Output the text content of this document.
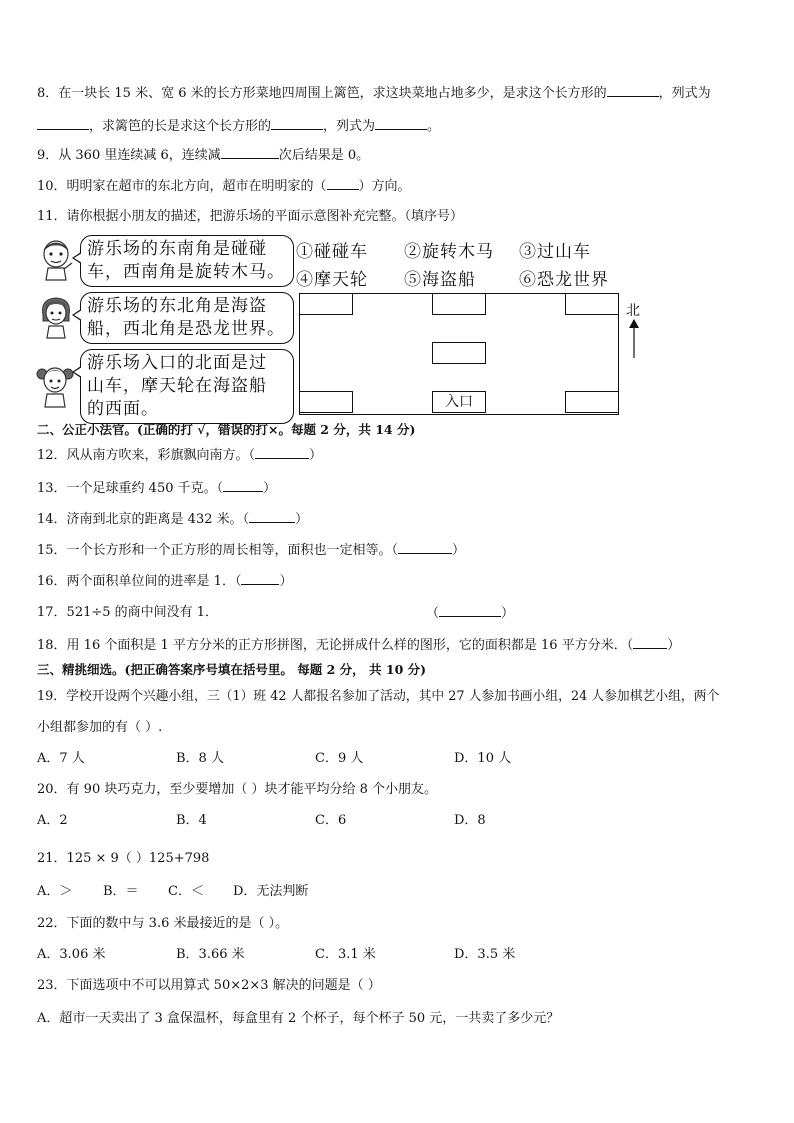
8．在一块长 15 米、宽 6 米的长方形菜地四周围上篱笆，求这块菜地占地多少，是求这个长方形的	，列式为
，求篱笆的长是求这个长方形的	，列式为	。
9．从 360 里连续减 6，连续减	次后结果是 0。
10．明明家在超市的东北方向，超市在明明家的（ ）方向。
11．请你根据小朋友的描述，把游乐场的平面示意图补充完整。（填序号）
游乐场的东南角是碰碰
车，西南角是旋转木马。
游乐场的东北角是海盗
船，西北角是恐龙世界。
游乐场入口的北面是过
山车，摩天轮在海盗船
的西面。
①碰碰车 ②旋转木马 ③过山车
④摩天轮 ⑤海盗船	⑥恐龙世界
入口
北
二、公正小法官。(正确的打 √，错误的打×。每题 2 分，共 14 分)
12．风从南方吹来，彩旗飘向南方。（	）
13．一个足球重约 450 千克。（	）
14．济南到北京的距离是 432 米。（	）
15．一个长方形和一个正方形的周长相等，面积也一定相等。（	）
16．两个面积单位间的进率是 1．（	）
17．521÷5 的商中间没有 1．	（	）
18．用 16 个面积是 1 平方分米的正方形拼图，无论拼成什么样的图形，它的面积都是 16 平方分米．（	）
三、精挑细选。(把正确答案序号填在括号里。 每题 2 分， 共 10 分)
19．学校开设两个兴趣小组，三（1）班 42 人都报名参加了活动，其中 27 人参加书画小组，24 人参加棋艺小组，两个
小组都参加的有（ ）.
A．7 人	B．8 人	C．9 人	D．10 人
20．有 90 块巧克力，至少要增加（ ）块才能平均分给 8 个小朋友。
A．2	B．4	C．6	D．8
21．125 × 9（ ）125+798
A．＞ B．＝ C．＜ D．无法判断
22．下面的数中与 3.6 米最接近的是（ ）。
A．3.06 米	B．3.66 米	C．3.1 米	D．3.5 米
23．下面选项中不可以用算式 50×2×3 解决的问题是（ ）
A．超市一天卖出了 3 盒保温杯，每盒里有 2 个杯子，每个杯子 50 元，一共卖了多少元？
